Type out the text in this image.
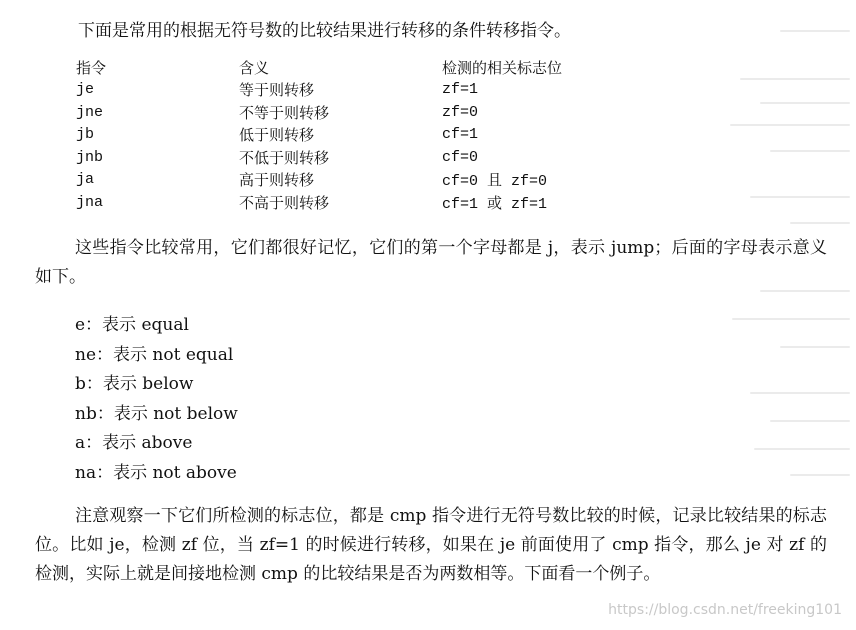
下面是常用的根据无符号数的比较结果进行转移的条件转移指令。

指令	含义	检测的相关标志位
je	等于则转移	zf=1
jne	不等于则转移	zf=0
jb	低于则转移	cf=1
jnb	不低于则转移	cf=0
ja	高于则转移	cf=0 且 zf=0
jna	不高于则转移	cf=1 或 zf=1

这些指令比较常用，它们都很好记忆，它们的第一个字母都是 j，表示 jump；后面的字母表示意义如下。

e：表示 equal
ne：表示 not equal
b：表示 below
nb：表示 not below
a：表示 above
na：表示 not above

注意观察一下它们所检测的标志位，都是 cmp 指令进行无符号数比较的时候，记录比较结果的标志位。比如 je，检测 zf 位，当 zf=1 的时候进行转移，如果在 je 前面使用了 cmp 指令，那么 je 对 zf 的检测，实际上就是间接地检测 cmp 的比较结果是否为两数相等。下面看一个例子。

https://blog.csdn.net/freeking101
